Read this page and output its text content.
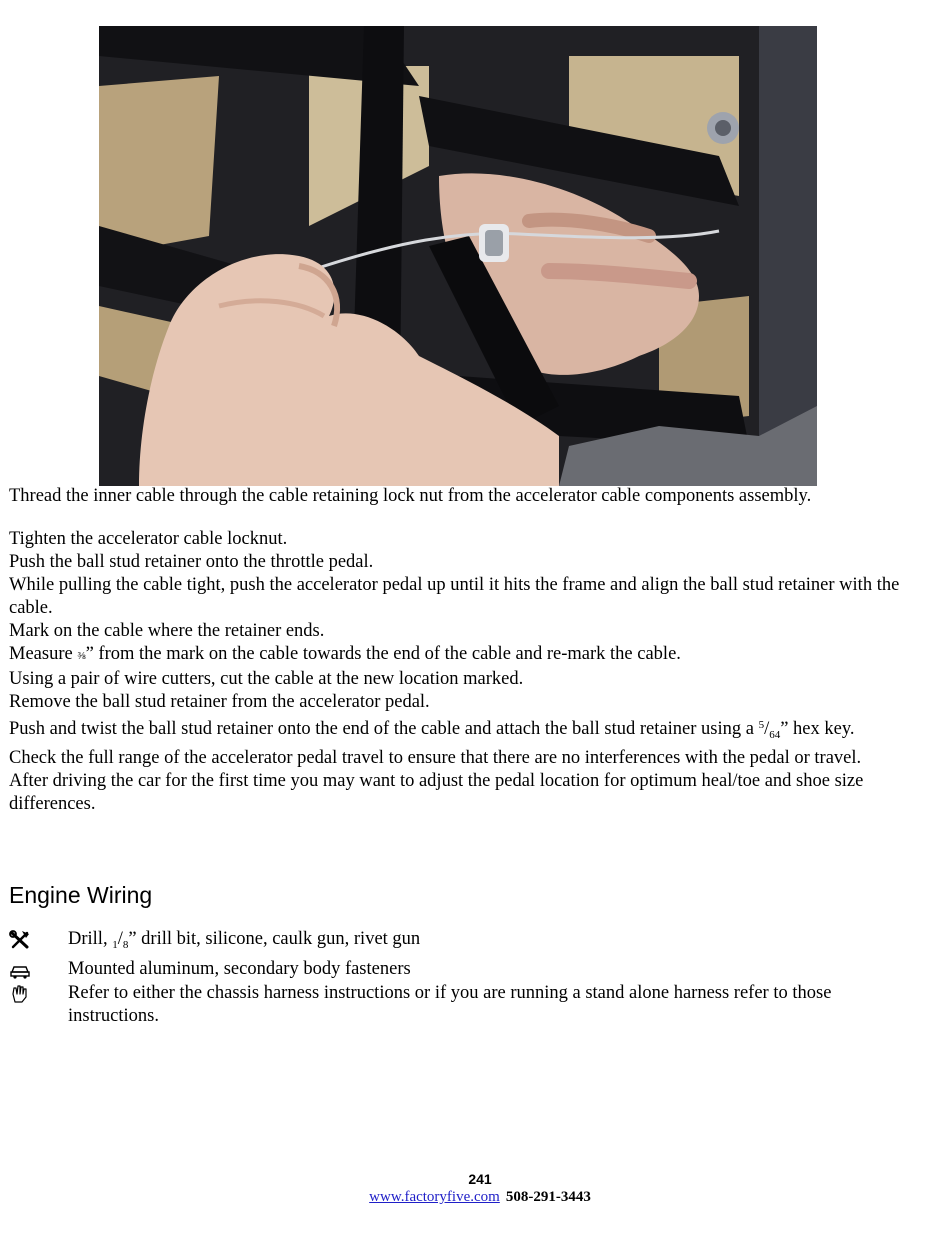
Thread the inner cable through the cable retaining lock nut from the accelerator cable components assembly.

Tighten the accelerator cable locknut.

Push the ball stud retainer onto the throttle pedal.

While pulling the cable tight, push the accelerator pedal up until it hits the frame and align the ball stud retainer with the cable.

Mark on the cable where the retainer ends.

Measure ⅜” from the mark on the cable towards the end of the cable and re-mark the cable.

Using a pair of wire cutters, cut the cable at the new location marked.

Remove the ball stud retainer from the accelerator pedal.

Push and twist the ball stud retainer onto the end of the cable and attach the ball stud retainer using a $^5/_{64}$” hex key.

Check the full range of the accelerator pedal travel to ensure that there are no interferences with the pedal or travel.

After driving the car for the first time you may want to adjust the pedal location for optimum heal/toe and shoe size differences.

Engine Wiring
Drill, $_1/_8$” drill bit, silicone, caulk gun, rivet gun
Mounted aluminum, secondary body fasteners
Refer to either the chassis harness instructions or if you are running a stand alone harness refer to those instructions.
241
www.factoryfive.com 508-291-3443
